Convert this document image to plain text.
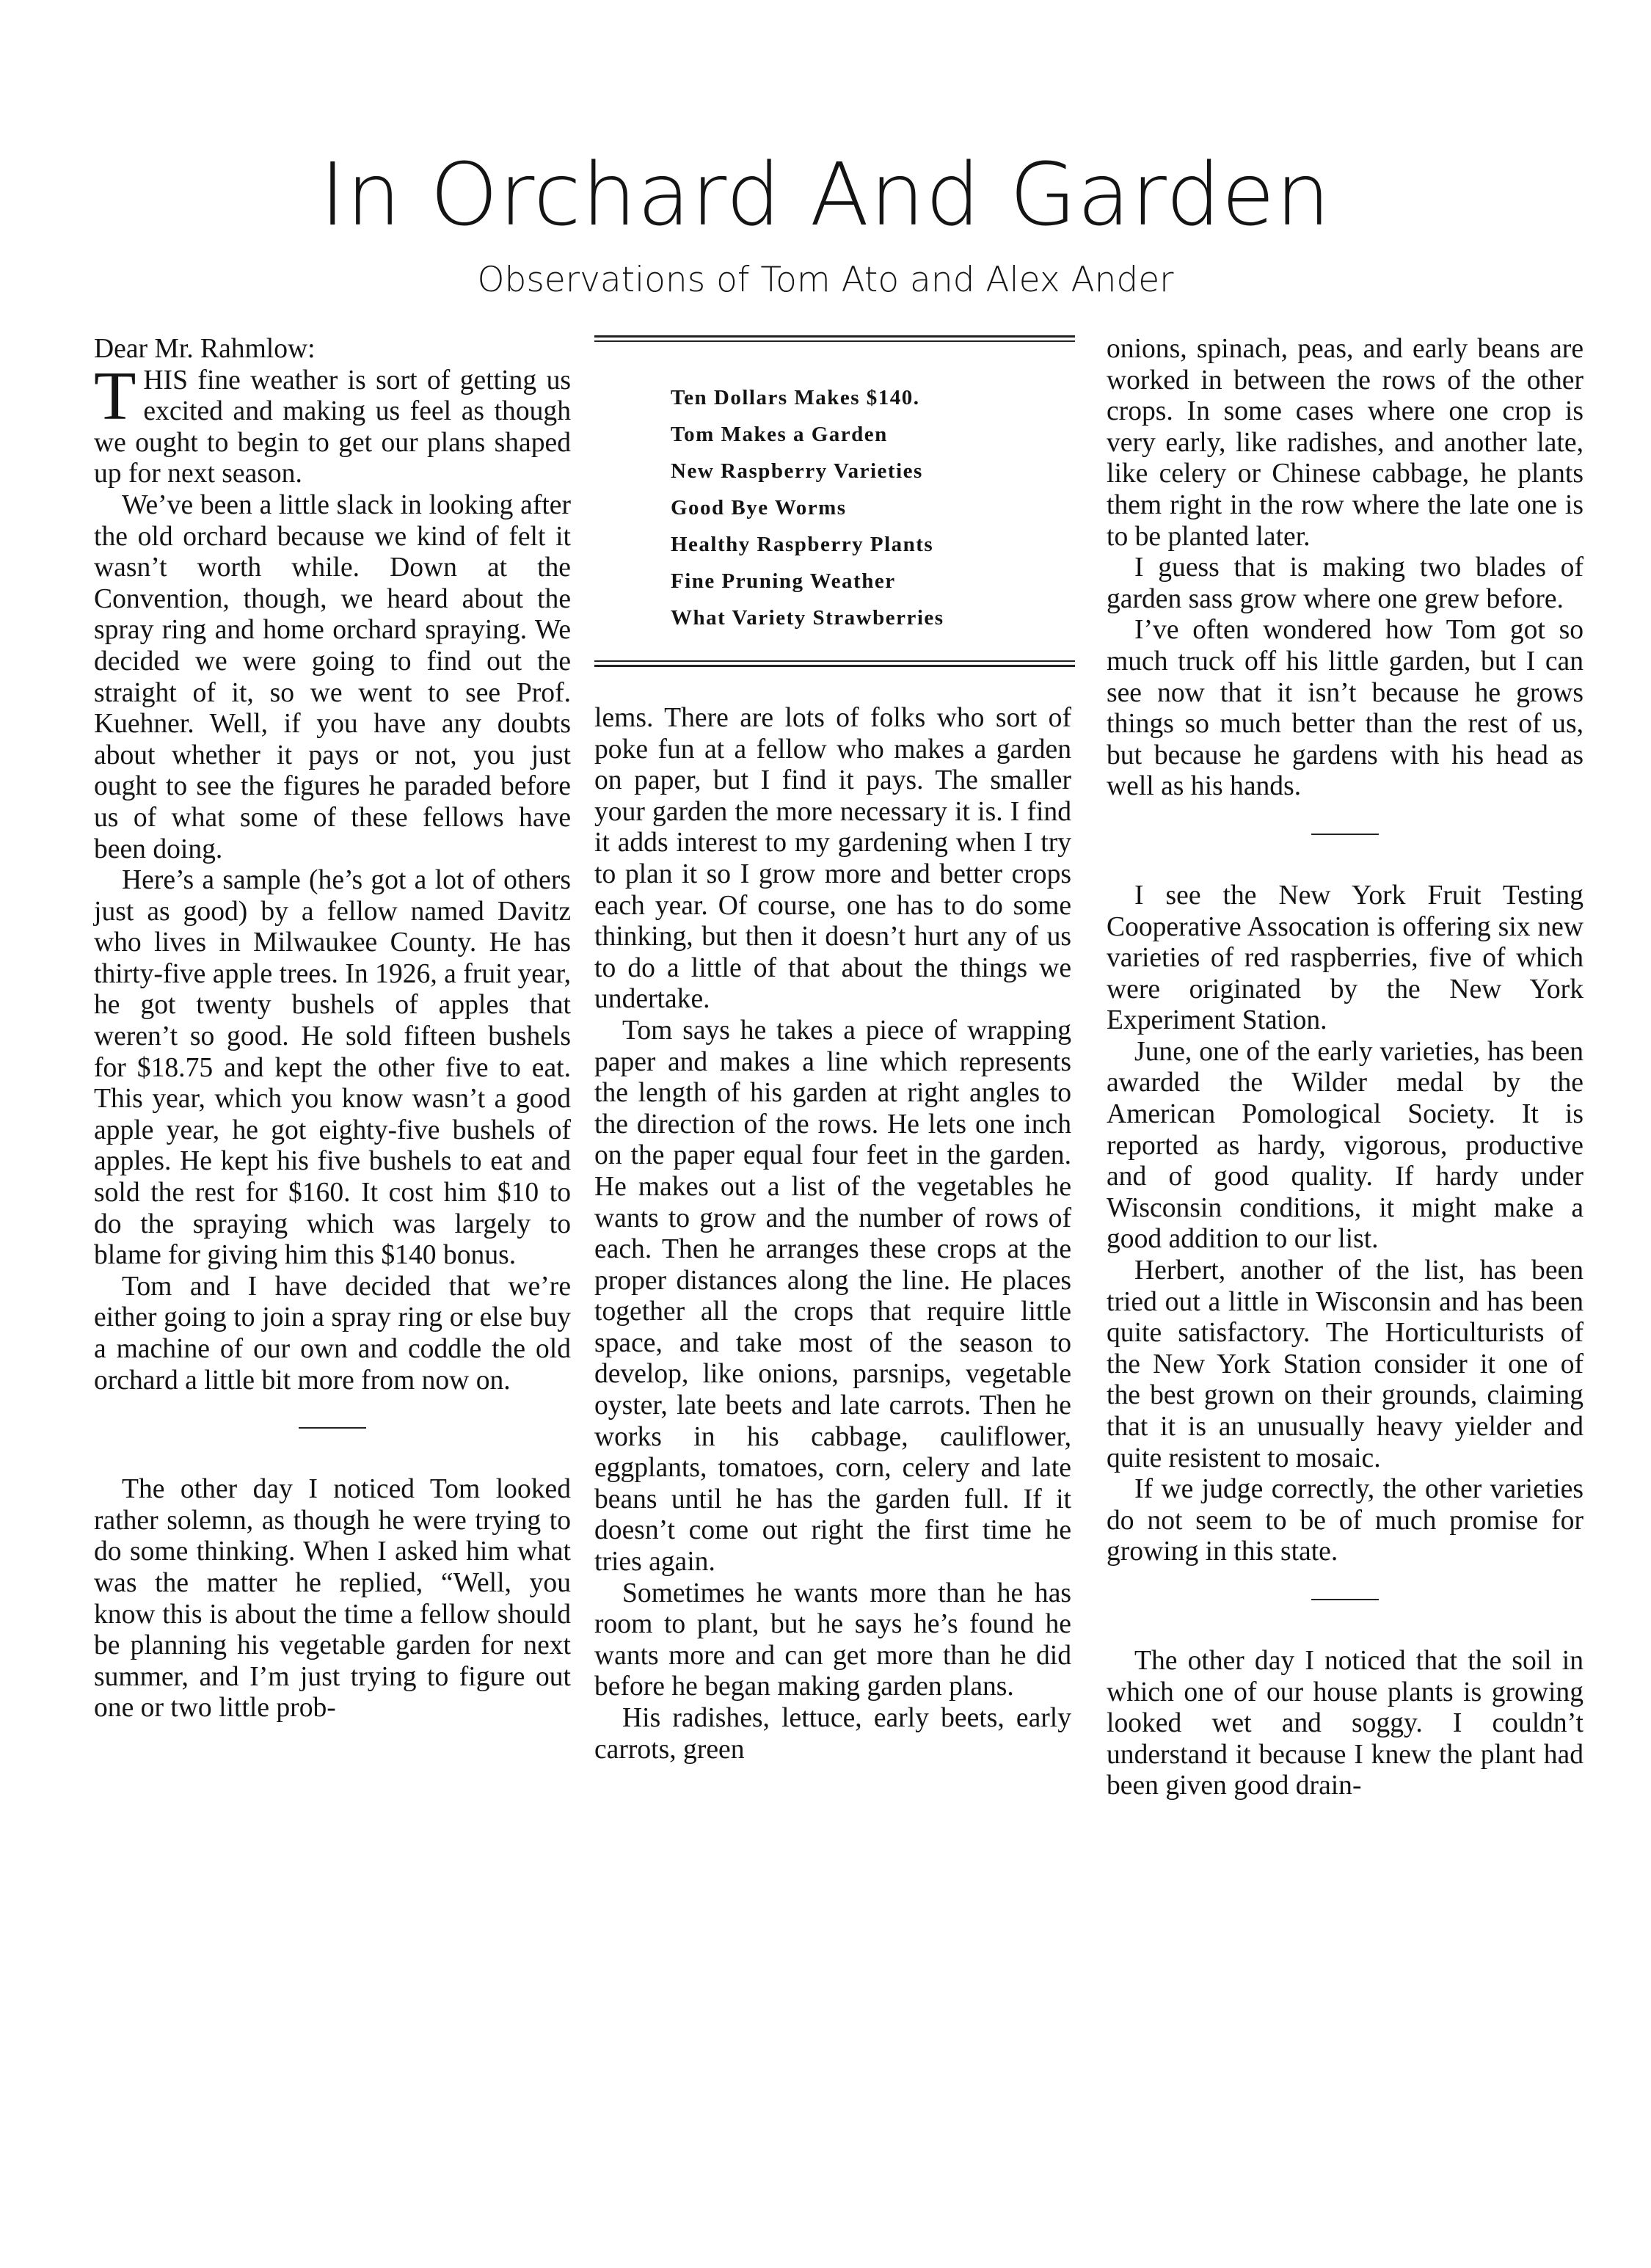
In Orchard And Garden
Observations of Tom Ato and Alex Ander

Dear Mr. Rahmlow:

THIS fine weather is sort of getting us excited and making us feel as though we ought to begin to get our plans shaped up for next season.

We’ve been a little slack in looking after the old orchard because we kind of felt it wasn’t worth while. Down at the Convention, though, we heard about the spray ring and home orchard spraying. We decided we were going to find out the straight of it, so we went to see Prof. Kuehner. Well, if you have any doubts about whether it pays or not, you just ought to see the figures he paraded before us of what some of these fellows have been doing.

Here’s a sample (he’s got a lot of others just as good) by a fellow named Davitz who lives in Milwaukee County. He has thirty-five apple trees. In 1926, a fruit year, he got twenty bushels of apples that weren’t so good. He sold fifteen bushels for $18.75 and kept the other five to eat. This year, which you know wasn’t a good apple year, he got eighty-five bushels of apples. He kept his five bushels to eat and sold the rest for $160. It cost him $10 to do the spraying which was largely to blame for giving him this $140 bonus.

Tom and I have decided that we’re either going to join a spray ring or else buy a machine of our own and coddle the old orchard a little bit more from now on.

The other day I noticed Tom looked rather solemn, as though he were trying to do some thinking. When I asked him what was the matter he replied, “Well, you know this is about the time a fellow should be planning his vegetable garden for next summer, and I’m just trying to figure out one or two little prob-

Ten Dollars Makes $140.
Tom Makes a Garden
New Raspberry Varieties
Good Bye Worms
Healthy Raspberry Plants
Fine Pruning Weather
What Variety Strawberries

lems. There are lots of folks who sort of poke fun at a fellow who makes a garden on paper, but I find it pays. The smaller your garden the more necessary it is. I find it adds interest to my gardening when I try to plan it so I grow more and better crops each year. Of course, one has to do some thinking, but then it doesn’t hurt any of us to do a little of that about the things we undertake.

Tom says he takes a piece of wrapping paper and makes a line which represents the length of his garden at right angles to the direction of the rows. He lets one inch on the paper equal four feet in the garden. He makes out a list of the vegetables he wants to grow and the number of rows of each. Then he arranges these crops at the proper distances along the line. He places together all the crops that require little space, and take most of the season to develop, like onions, parsnips, vegetable oyster, late beets and late carrots. Then he works in his cabbage, cauliflower, eggplants, tomatoes, corn, celery and late beans until he has the garden full. If it doesn’t come out right the first time he tries again.

Sometimes he wants more than he has room to plant, but he says he’s found he wants more and can get more than he did before he began making garden plans.

His radishes, lettuce, early beets, early carrots, green

onions, spinach, peas, and early beans are worked in between the rows of the other crops. In some cases where one crop is very early, like radishes, and another late, like celery or Chinese cabbage, he plants them right in the row where the late one is to be planted later.

I guess that is making two blades of garden sass grow where one grew before.

I’ve often wondered how Tom got so much truck off his little garden, but I can see now that it isn’t because he grows things so much better than the rest of us, but because he gardens with his head as well as his hands.

I see the New York Fruit Testing Cooperative Assocation is offering six new varieties of red raspberries, five of which were originated by the New York Experiment Station.

June, one of the early varieties, has been awarded the Wilder medal by the American Pomological Society. It is reported as hardy, vigorous, productive and of good quality. If hardy under Wisconsin conditions, it might make a good addition to our list.

Herbert, another of the list, has been tried out a little in Wisconsin and has been quite satisfactory. The Horticulturists of the New York Station consider it one of the best grown on their grounds, claiming that it is an unusually heavy yielder and quite resistent to mosaic.

If we judge correctly, the other varieties do not seem to be of much promise for growing in this state.

The other day I noticed that the soil in which one of our house plants is growing looked wet and soggy. I couldn’t understand it because I knew the plant had been given good drain-
